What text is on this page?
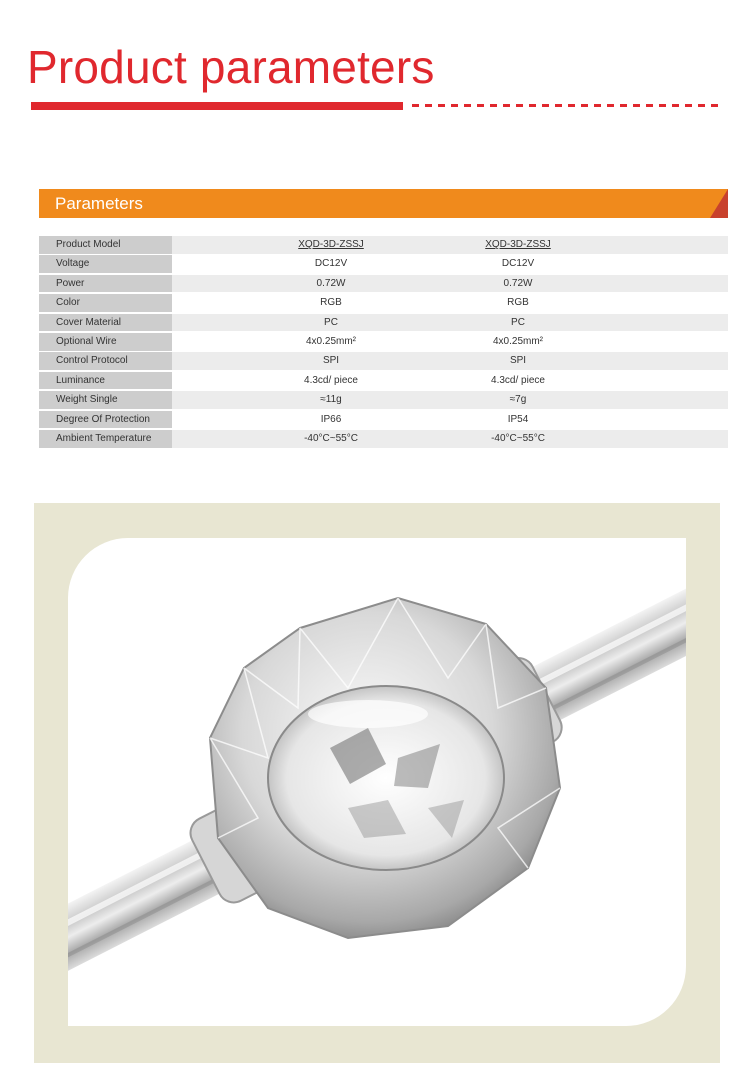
Product parameters
Parameters
Product Model	XQD-3D-ZSSJ	XQD-3D-ZSSJ
Voltage	DC12V	DC12V
Power	0.72W	0.72W
Color	RGB	RGB
Cover Material	PC	PC
Optional Wire	4x0.25mm²	4x0.25mm²
Control Protocol	SPI	SPI
Luminance	4.3cd/ piece	4.3cd/ piece
Weight Single	≈11g	≈7g
Degree Of Protection	IP66	IP54
Ambient Temperature	-40°C~55°C	-40°C~55°C
